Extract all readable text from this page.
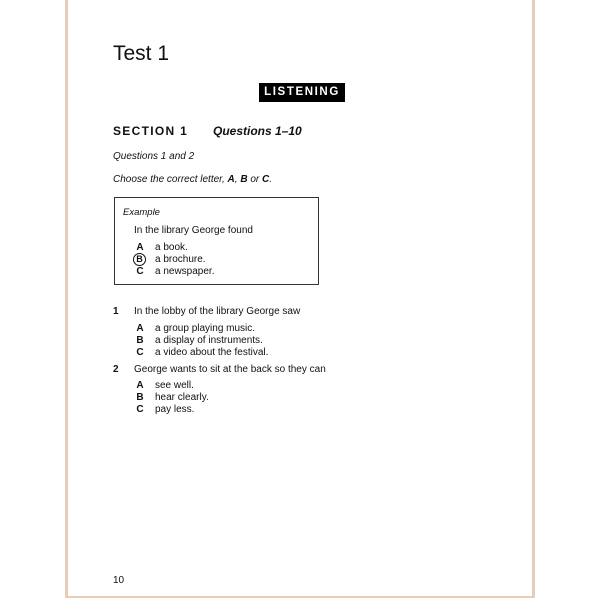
Test 1
LISTENING
SECTION 1 Questions 1–10
Questions 1 and 2
Choose the correct letter, A, B or C.
Example
In the library George found
A	a book.
B	a brochure.
C	a newspaper.
1 In the lobby of the library George saw
A	a group playing music.
B	a display of instruments.
C	a video about the festival.
2 George wants to sit at the back so they can
A	see well.
B	hear clearly.
C	pay less.
10
